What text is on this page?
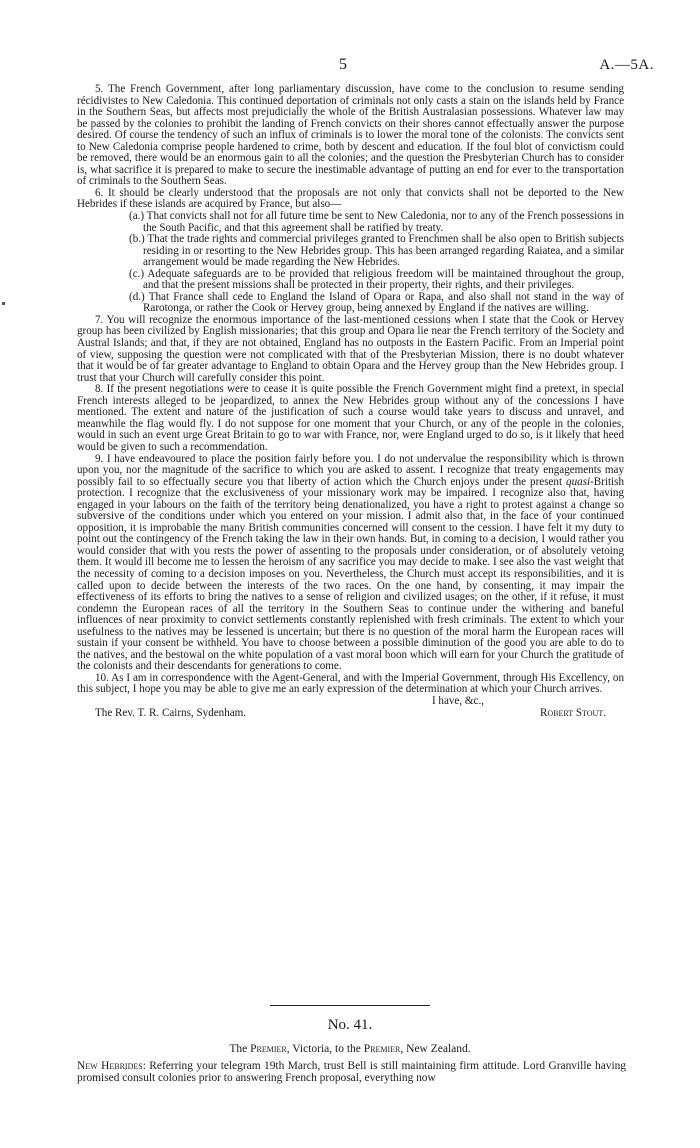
5	A.—5A.

5. The French Government, after long parliamentary discussion, have come to the conclusion to resume sending récidivistes to New Caledonia. This continued deportation of criminals not only casts a stain on the islands held by France in the Southern Seas, but affects most prejudicially the whole of the British Australasian possessions. Whatever law may be passed by the colonies to prohibit the landing of French convicts on their shores cannot effectually answer the purpose desired. Of course the tendency of such an influx of criminals is to lower the moral tone of the colonists. The convicts sent to New Caledonia comprise people hardened to crime, both by descent and education. If the foul blot of convictism could be removed, there would be an enormous gain to all the colonies; and the question the Presbyterian Church has to consider is, what sacrifice it is prepared to make to secure the inestimable advantage of putting an end for ever to the transportation of criminals to the Southern Seas.

6. It should be clearly understood that the proposals are not only that convicts shall not be deported to the New Hebrides if these islands are acquired by France, but also—

(a.) That convicts shall not for all future time be sent to New Caledonia, nor to any of the French possessions in the South Pacific, and that this agreement shall be ratified by treaty.

(b.) That the trade rights and commercial privileges granted to Frenchmen shall be also open to British subjects residing in or resorting to the New Hebrides group. This has been arranged regarding Raiatea, and a similar arrangement would be made regarding the New Hebrides.

(c.) Adequate safeguards are to be provided that religious freedom will be maintained throughout the group, and that the present missions shall be protected in their property, their rights, and their privileges.

(d.) That France shall cede to England the Island of Opara or Rapa, and also shall not stand in the way of Rarotonga, or rather the Cook or Hervey group, being annexed by England if the natives are willing.

7. You will recognize the enormous importance of the last-mentioned cessions when I state that the Cook or Hervey group has been civilized by English missionaries; that this group and Opara lie near the French territory of the Society and Austral Islands; and that, if they are not obtained, England has no outposts in the Eastern Pacific. From an Imperial point of view, supposing the question were not complicated with that of the Presbyterian Mission, there is no doubt whatever that it would be of far greater advantage to England to obtain Opara and the Hervey group than the New Hebrides group. I trust that your Church will carefully consider this point.

8. If the present negotiations were to cease it is quite possible the French Government might find a pretext, in special French interests alleged to be jeopardized, to annex the New Hebrides group without any of the concessions I have mentioned. The extent and nature of the justification of such a course would take years to discuss and unravel, and meanwhile the flag would fly. I do not suppose for one moment that your Church, or any of the people in the colonies, would in such an event urge Great Britain to go to war with France, nor, were England urged to do so, is it likely that heed would be given to such a recommendation.

9. I have endeavoured to place the position fairly before you. I do not undervalue the responsibility which is thrown upon you, nor the magnitude of the sacrifice to which you are asked to assent. I recognize that treaty engagements may possibly fail to so effectually secure you that liberty of action which the Church enjoys under the present quasi-British protection. I recognize that the exclusiveness of your missionary work may be impaired. I recognize also that, having engaged in your labours on the faith of the territory being denationalized, you have a right to protest against a change so subversive of the conditions under which you entered on your mission. I admit also that, in the face of your continued opposition, it is improbable the many British communities concerned will consent to the cession. I have felt it my duty to point out the contingency of the French taking the law in their own hands. But, in coming to a decision, I would rather you would consider that with you rests the power of assenting to the proposals under consideration, or of absolutely vetoing them. It would ill become me to lessen the heroism of any sacrifice you may decide to make. I see also the vast weight that the necessity of coming to a decision imposes on you. Nevertheless, the Church must accept its responsibilities, and it is called upon to decide between the interests of the two races. On the one hand, by consenting, it may impair the effectiveness of its efforts to bring the natives to a sense of religion and civilized usages; on the other, if it refuse, it must condemn the European races of all the territory in the Southern Seas to continue under the withering and baneful influences of near proximity to convict settlements constantly replenished with fresh criminals. The extent to which your usefulness to the natives may be lessened is uncertain; but there is no question of the moral harm the European races will sustain if your consent be withheld. You have to choose between a possible diminution of the good you are able to do to the natives, and the bestowal on the white population of a vast moral boon which will earn for your Church the gratitude of the colonists and their descendants for generations to come.

10. As I am in correspondence with the Agent-General, and with the Imperial Government, through His Excellency, on this subject, I hope you may be able to give me an early expression of the determination at which your Church arrives.

I have, &c.,
The Rev. T. R. Cairns, Sydenham.	Robert Stout.
No. 41.
The Premier, Victoria, to the Premier, New Zealand.

New Hebrides: Referring your telegram 19th March, trust Bell is still maintaining firm attitude. Lord Granville having promised consult colonies prior to answering French proposal, everything now
